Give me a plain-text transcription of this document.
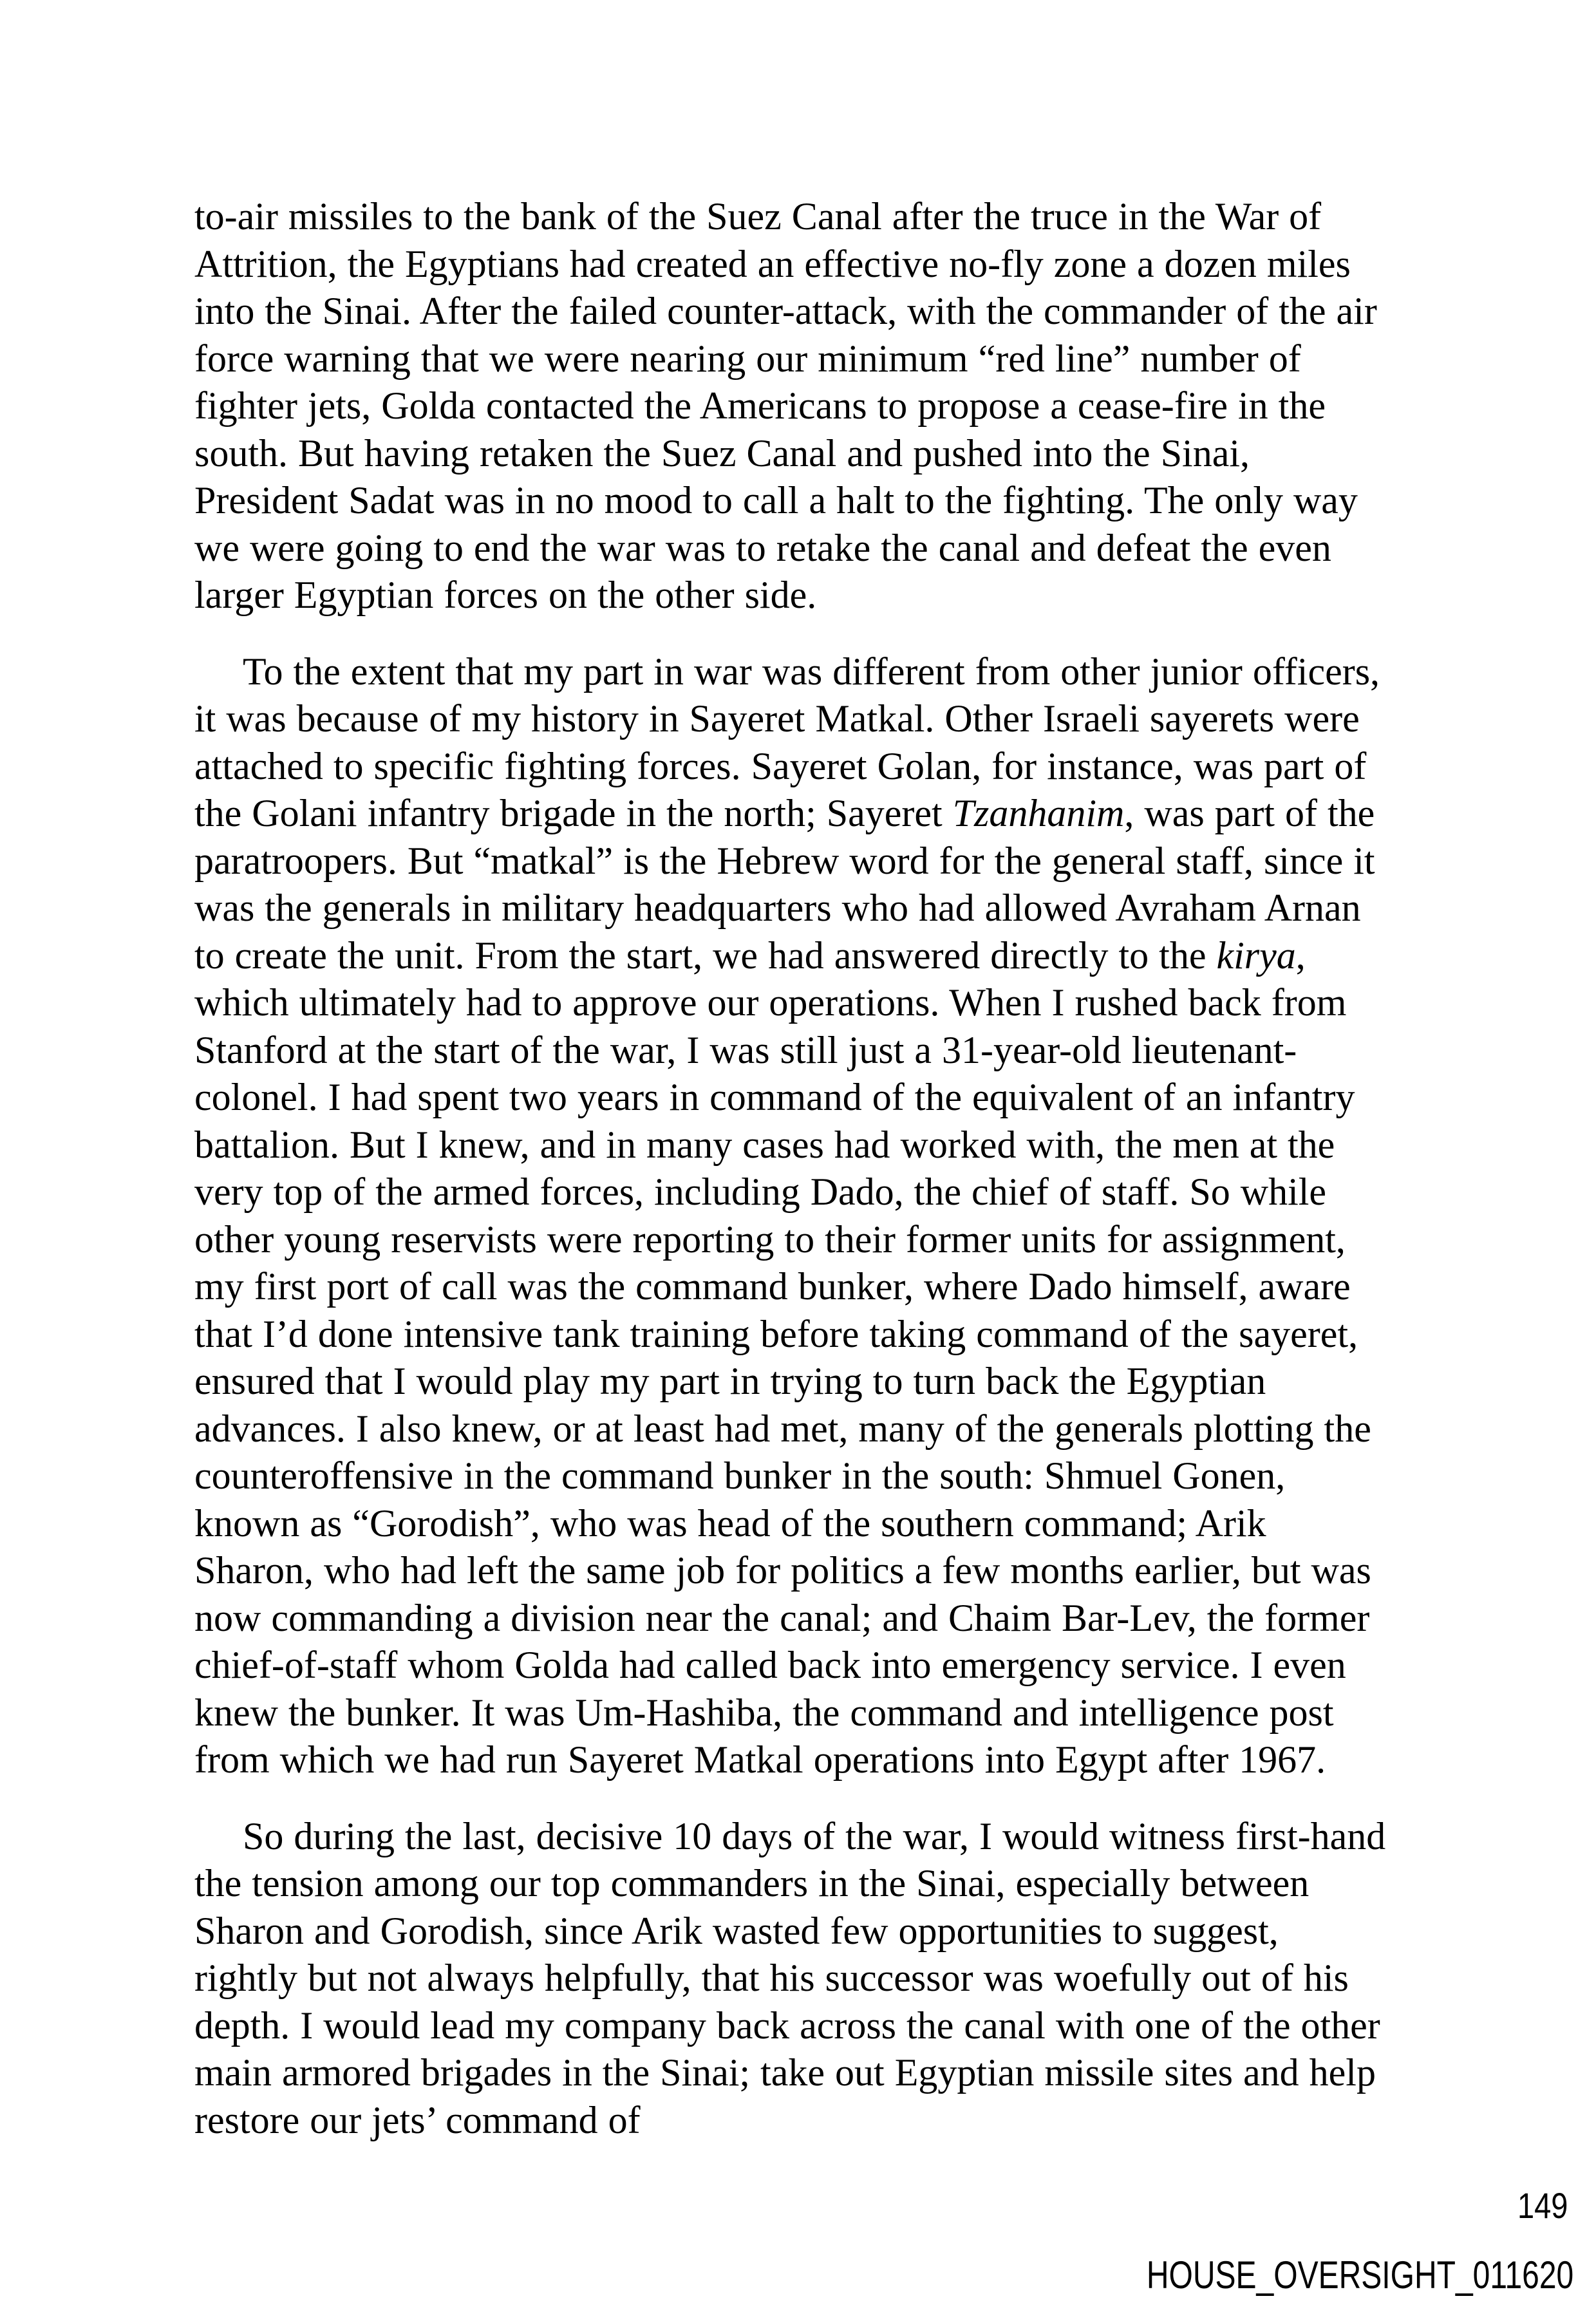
to-air missiles to the bank of the Suez Canal after the truce in the War of Attrition, the Egyptians had created an effective no-fly zone a dozen miles into the Sinai. After the failed counter-attack, with the commander of the air force warning that we were nearing our minimum “red line” number of fighter jets, Golda contacted the Americans to propose a cease-fire in the south. But having retaken the Suez Canal and pushed into the Sinai, President Sadat was in no mood to call a halt to the fighting. The only way we were going to end the war was to retake the canal and defeat the even larger Egyptian forces on the other side.

To the extent that my part in war was different from other junior officers, it was because of my history in Sayeret Matkal. Other Israeli sayerets were attached to specific fighting forces. Sayeret Golan, for instance, was part of the Golani infantry brigade in the north; Sayeret Tzanhanim, was part of the paratroopers. But “matkal” is the Hebrew word for the general staff, since it was the generals in military headquarters who had allowed Avraham Arnan to create the unit. From the start, we had answered directly to the kirya, which ultimately had to approve our operations. When I rushed back from Stanford at the start of the war, I was still just a 31-year-old lieutenant-colonel. I had spent two years in command of the equivalent of an infantry battalion. But I knew, and in many cases had worked with, the men at the very top of the armed forces, including Dado, the chief of staff. So while other young reservists were reporting to their former units for assignment, my first port of call was the command bunker, where Dado himself, aware that I’d done intensive tank training before taking command of the sayeret, ensured that I would play my part in trying to turn back the Egyptian advances. I also knew, or at least had met, many of the generals plotting the counteroffensive in the command bunker in the south: Shmuel Gonen, known as “Gorodish”, who was head of the southern command; Arik Sharon, who had left the same job for politics a few months earlier, but was now commanding a division near the canal; and Chaim Bar-Lev, the former chief-of-staff whom Golda had called back into emergency service. I even knew the bunker. It was Um-Hashiba, the command and intelligence post from which we had run Sayeret Matkal operations into Egypt after 1967.

So during the last, decisive 10 days of the war, I would witness first-hand the tension among our top commanders in the Sinai, especially between Sharon and Gorodish, since Arik wasted few opportunities to suggest, rightly but not always helpfully, that his successor was woefully out of his depth. I would lead my company back across the canal with one of the other main armored brigades in the Sinai; take out Egyptian missile sites and help restore our jets’ command of

149
HOUSE_OVERSIGHT_011620
